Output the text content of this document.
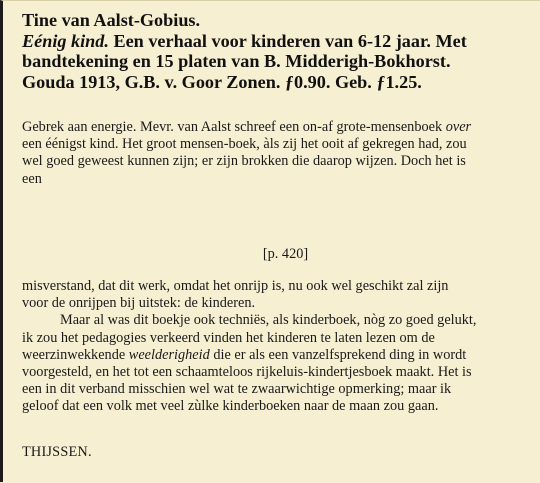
Tine van Aalst-Gobius.
Eénig kind. Een verhaal voor kinderen van 6-12 jaar. Met
bandtekening en 15 platen van B. Midderigh-Bokhorst.
Gouda 1913, G.B. v. Goor Zonen. ƒ0.90. Geb. ƒ1.25.
Gebrek aan energie. Mevr. van Aalst schreef een on-af grote-mensenboek over
een éénigst kind. Het groot mensen-boek, àls zij het ooit af gekregen had, zou
wel goed geweest kunnen zijn; er zijn brokken die daarop wijzen. Doch het is
een
[p. 420]
misverstand, dat dit werk, omdat het onrijp is, nu ook wel geschikt zal zijn
voor de onrijpen bij uitstek: de kinderen.
Maar al was dit boekje ook techniës, als kinderboek, nòg zo goed gelukt,
ik zou het pedagogies verkeerd vinden het kinderen te laten lezen om de
weerzinwekkende weelderigheid die er als een vanzelfsprekend ding in wordt
voorgesteld, en het tot een schaamteloos rijkeluis-kindertjesboek maakt. Het is
een in dit verband misschien wel wat te zwaarwichtige opmerking; maar ik
geloof dat een volk met veel zùlke kinderboeken naar de maan zou gaan.
THIJSSEN.
